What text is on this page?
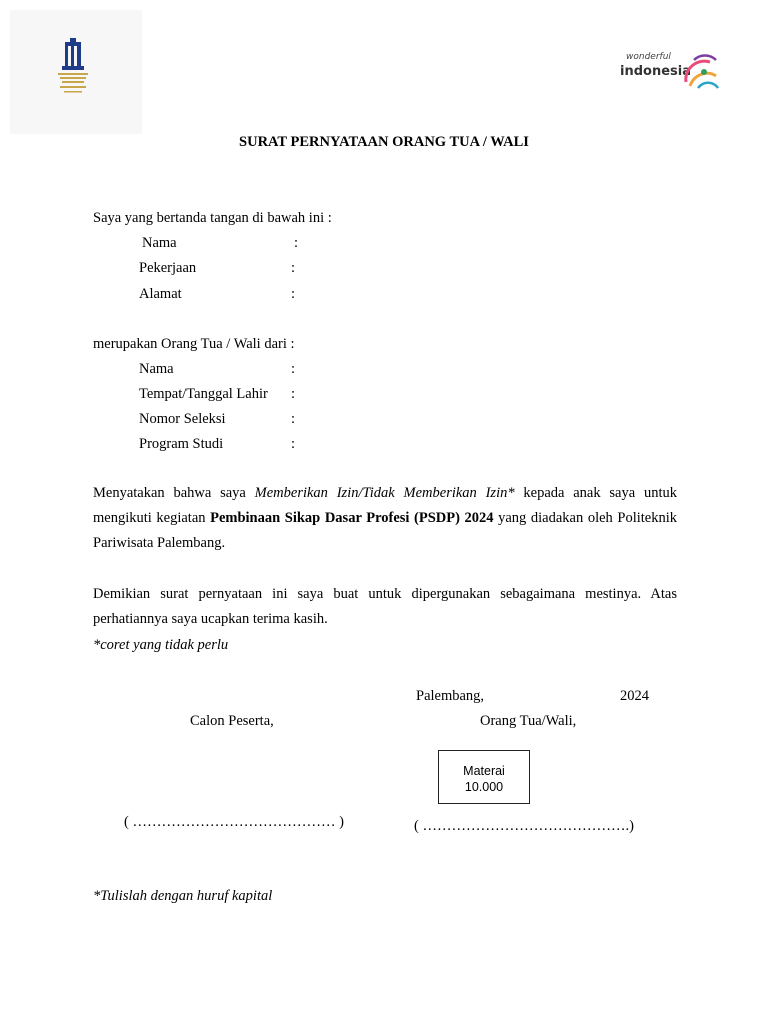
wonderful
indonesia
SURAT PERNYATAAN ORANG TUA / WALI
Saya yang bertanda tangan di bawah ini :
Nama	:
Pekerjaan	:
Alamat	:
merupakan Orang Tua / Wali dari :
Nama	:
Tempat/Tanggal Lahir :
Nomor Seleksi	:
Program Studi	:
Menyatakan bahwa saya Memberikan Izin/Tidak Memberikan Izin* kepada anak saya untuk mengikuti kegiatan Pembinaan Sikap Dasar Profesi (PSDP) 2024 yang diadakan oleh Politeknik Pariwisata Palembang.
Demikian surat pernyataan ini saya buat untuk dipergunakan sebagaimana mestinya. Atas perhatiannya saya ucapkan terima kasih.
*coret yang tidak perlu
Palembang,	2024
Calon Peserta,	Orang Tua/Wali,
Materai
10.000
( …………………………………… )	( …………………………………….)
*Tulislah dengan huruf kapital
